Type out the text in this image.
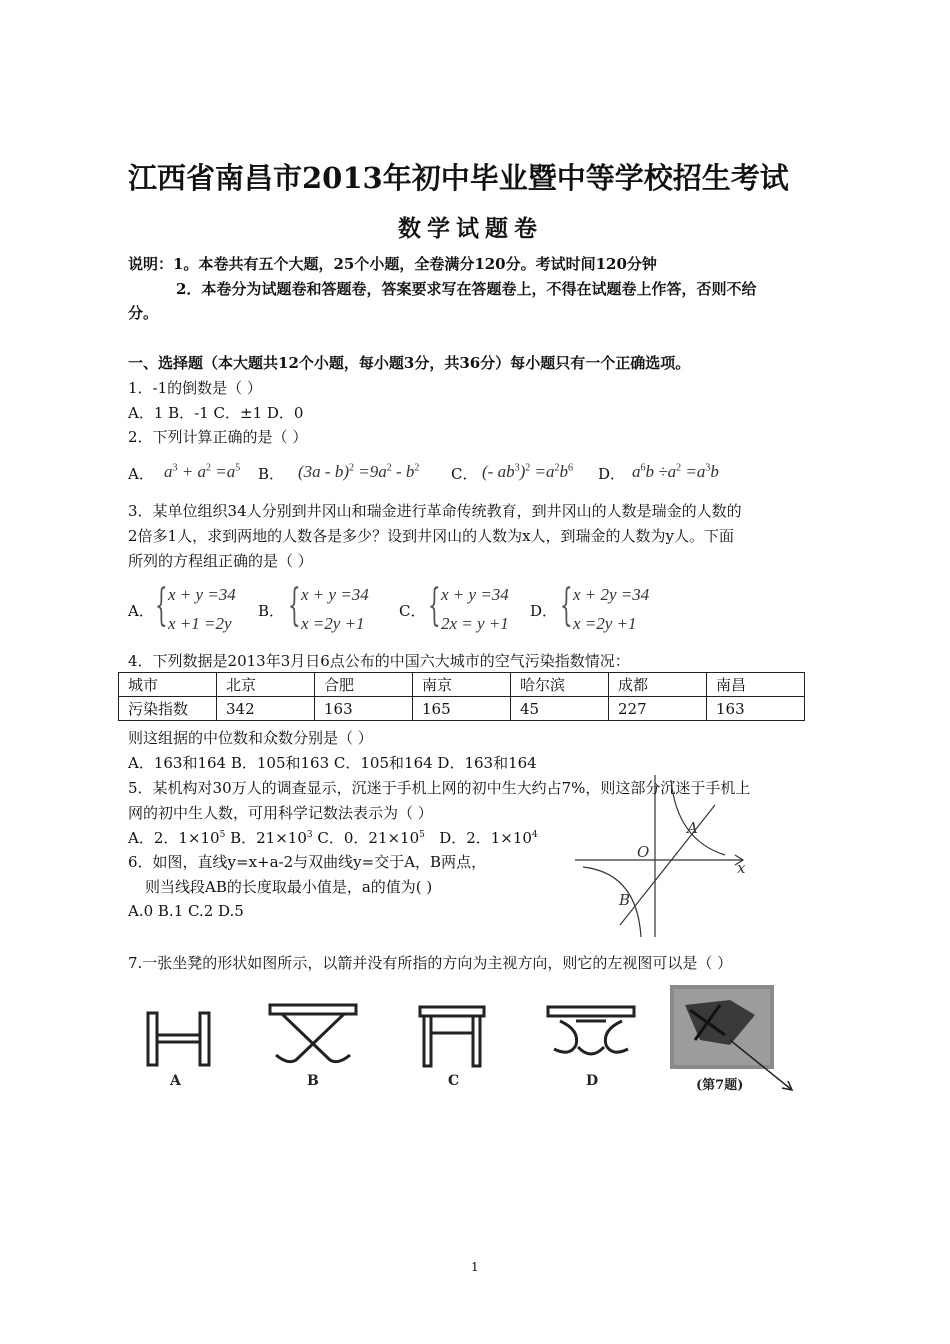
江西省南昌市2013年初中毕业暨中等学校招生考试
数学试题卷
说明：1。本卷共有五个大题，25个小题，全卷满分120分。考试时间120分钟
2．本卷分为试题卷和答题卷，答案要求写在答题卷上，不得在试题卷上作答，否则不给
分。
一、选择题（本大题共12个小题，每小题3分，共36分）每小题只有一个正确选项。
1．-1的倒数是（ ）
A．1 B．-1 C．±1 D．0
2．下列计算正确的是（ ）
A． $a^3 + a^2 =a^5$ B． $(3a - b)^2 =9a^2 - b^2$ C． (- $ab^3)^2 =a^2b^6$ D． $a^6b \div a^2 =a^3b$
3．某单位组织34人分别到井冈山和瑞金进行革命传统教育，到井冈山的人数是瑞金的人数的
2倍多1人，求到两地的人数各是多少？设到井冈山的人数为x人，到瑞金的人数为y人。下面
所列的方程组正确的是（ ）
A． { x + y =34
x +1 =2y
B． { x + y =34
x =2y +1
C． { x + y =34
2x = y +1
D． { x + 2y =34
x =2y +1
4．下列数据是2013年3月日6点公布的中国六大城市的空气污染指数情况：
城市	北京	合肥	南京	哈尔滨	成都	南昌
污染指数	342	163	165	45	227	163
则这组据的中位数和众数分别是（ ）
A．163和164 B．105和163 C．105和164 D．163和164
5．某机构对30万人的调查显示，沉迷于手机上网的初中生大约占7%，则这部分沉迷于手机上
网的初中生人数，可用科学记数法表示为（ ）
A．2．$1\times 10^5$ B．$21\times 10^3$ C．0．$21\times 10^5$ D．2．$1\times 10^4$
6．如图，直线y=x+a-2与双曲线y=交于A，B两点，
则当线段AB的长度取最小值是，a的值为( )
A.0 B.1 C.2 D.5
A
B
O
x
7.一张坐凳的形状如图所示，以箭并没有所指的方向为主视方向，则它的左视图可以是（ ）
A	B	C	D	(第7题)
1
